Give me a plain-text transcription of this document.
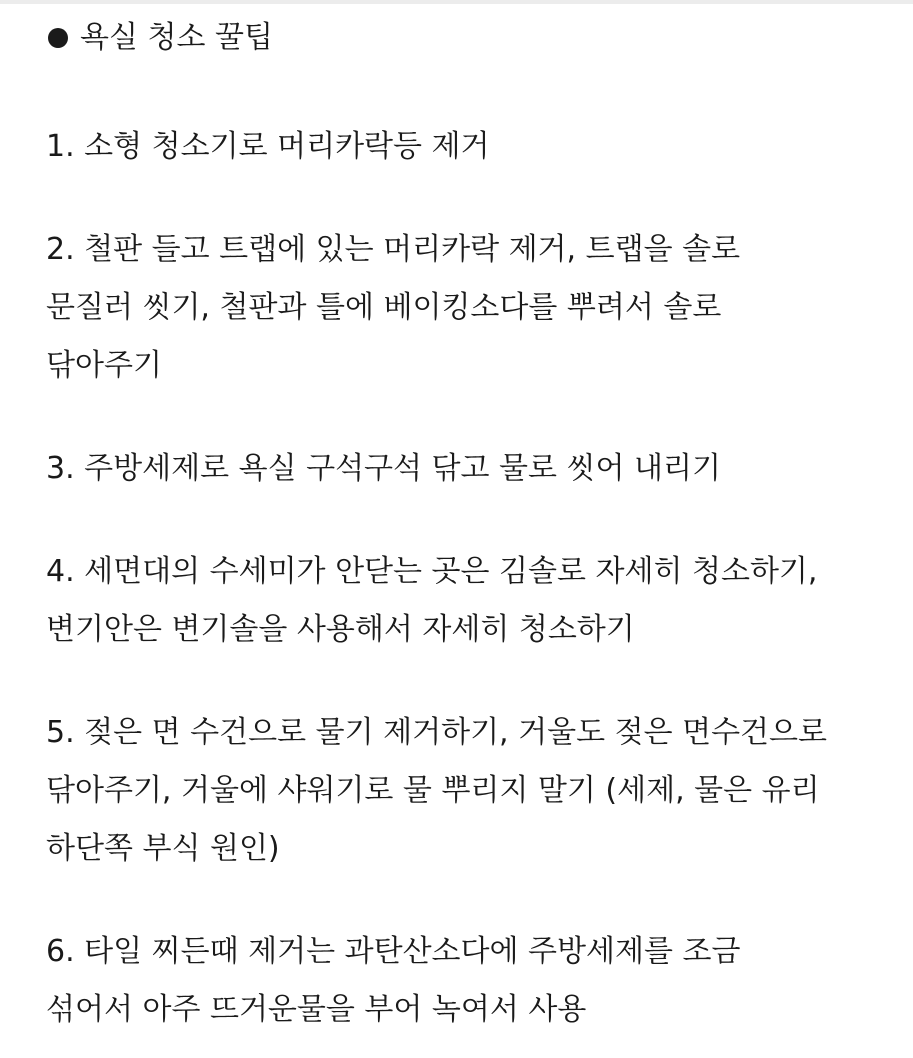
욕실 청소 꿀팁
1. 소형 청소기로 머리카락등 제거
2. 철판 들고 트랩에 있는 머리카락 제거, 트랩을 솔로
문질러 씻기, 철판과 틀에 베이킹소다를 뿌려서 솔로
닦아주기
3. 주방세제로 욕실 구석구석 닦고 물로 씻어 내리기
4. 세면대의 수세미가 안닫는 곳은 김솔로 자세히 청소하기,
변기안은 변기솔을 사용해서 자세히 청소하기
5. 젖은 면 수건으로 물기 제거하기, 거울도 젖은 면수건으로
닦아주기, 거울에 샤워기로 물 뿌리지 말기 (세제, 물은 유리
하단쪽 부식 원인)
6. 타일 찌든때 제거는 과탄산소다에 주방세제를 조금
섞어서 아주 뜨거운물을 부어 녹여서 사용
